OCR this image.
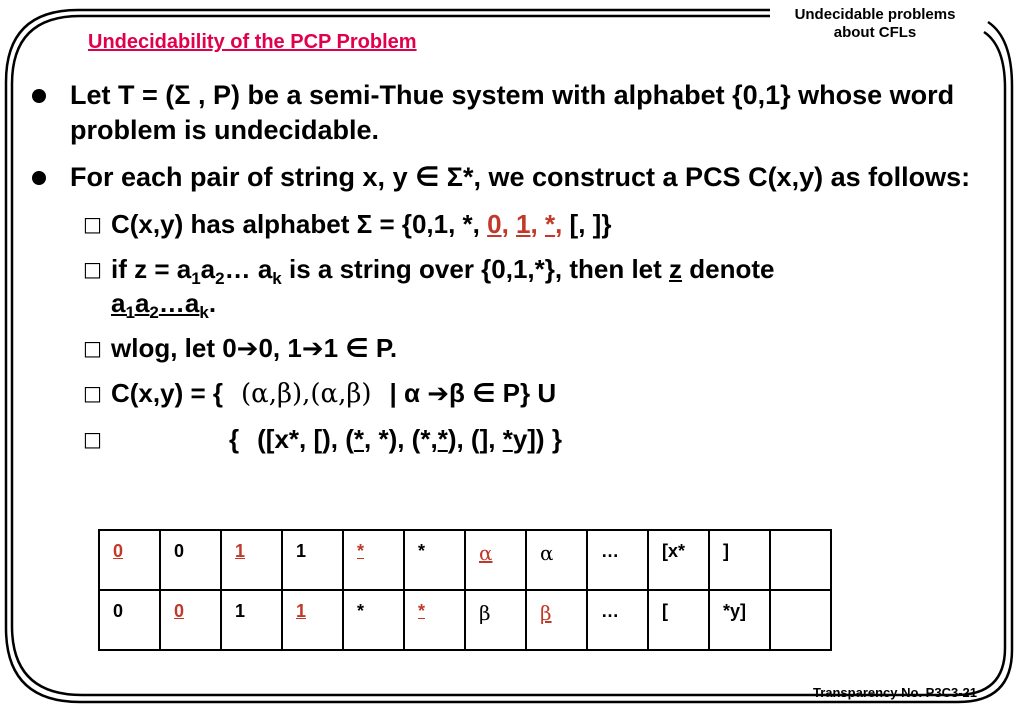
Undecidable problems
about CFLs
Undecidability of the PCP Problem
Let T = (Σ , P) be a semi-Thue system with alphabet {0,1} whose word problem is undecidable.
For each pair of string x, y ∈ Σ*, we construct a PCS C(x,y) as follows:
□ C(x,y) has alphabet Σ = {0,1, *, 0, 1, *, [, ]}
□ if $z = a_1a_2\dots$ $a_k$ is a string over {0,1,*}, then let z denote
$a_1a_2\dots a_k$.
□ wlog, let 0➔0, 1➔1 ∈ P.
□ C(x,y) = { (α,β),(α,β) | α ➔β ∈ P} U
□	{ ([x*, [), (*, *), (*,*), (], *y]) }
0	0	1	1	*	*	α	α	…	[x*	]	
0	0	1	1	*	*	β	β	…	[	*y]	
Transparency No. P3C3-21
